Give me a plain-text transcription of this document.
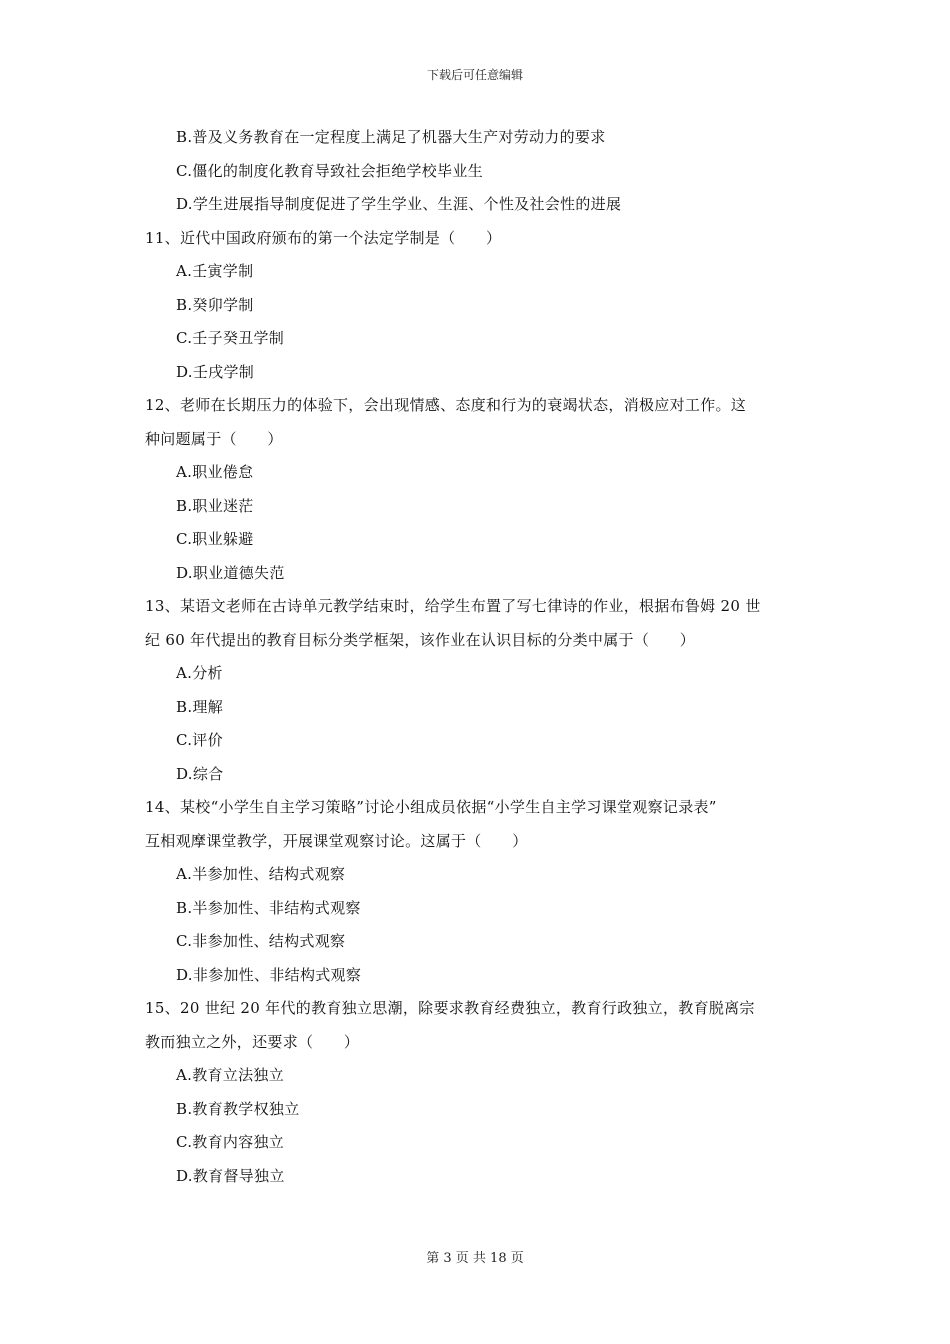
下载后可任意编辑
B.普及义务教育在一定程度上满足了机器大生产对劳动力的要求
C.僵化的制度化教育导致社会拒绝学校毕业生
D.学生进展指导制度促进了学生学业、生涯、个性及社会性的进展
11、近代中国政府颁布的第一个法定学制是（　　）
A.壬寅学制
B.癸卯学制
C.壬子癸丑学制
D.壬戌学制
12、老师在长期压力的体验下，会出现情感、态度和行为的衰竭状态，消极应对工作。这
种问题属于（　　）
A.职业倦怠
B.职业迷茫
C.职业躲避
D.职业道德失范
13、某语文老师在古诗单元教学结束时，给学生布置了写七律诗的作业，根据布鲁姆 20 世
纪 60 年代提出的教育目标分类学框架，该作业在认识目标的分类中属于（　　）
A.分析
B.理解
C.评价
D.综合
14、某校“小学生自主学习策略”讨论小组成员依据“小学生自主学习课堂观察记录表”
互相观摩课堂教学，开展课堂观察讨论。这属于（　　）
A.半参加性、结构式观察
B.半参加性、非结构式观察
C.非参加性、结构式观察
D.非参加性、非结构式观察
15、20 世纪 20 年代的教育独立思潮，除要求教育经费独立，教育行政独立，教育脱离宗
教而独立之外，还要求（　　）
A.教育立法独立
B.教育教学权独立
C.教育内容独立
D.教育督导独立
第 3 页 共 18 页
